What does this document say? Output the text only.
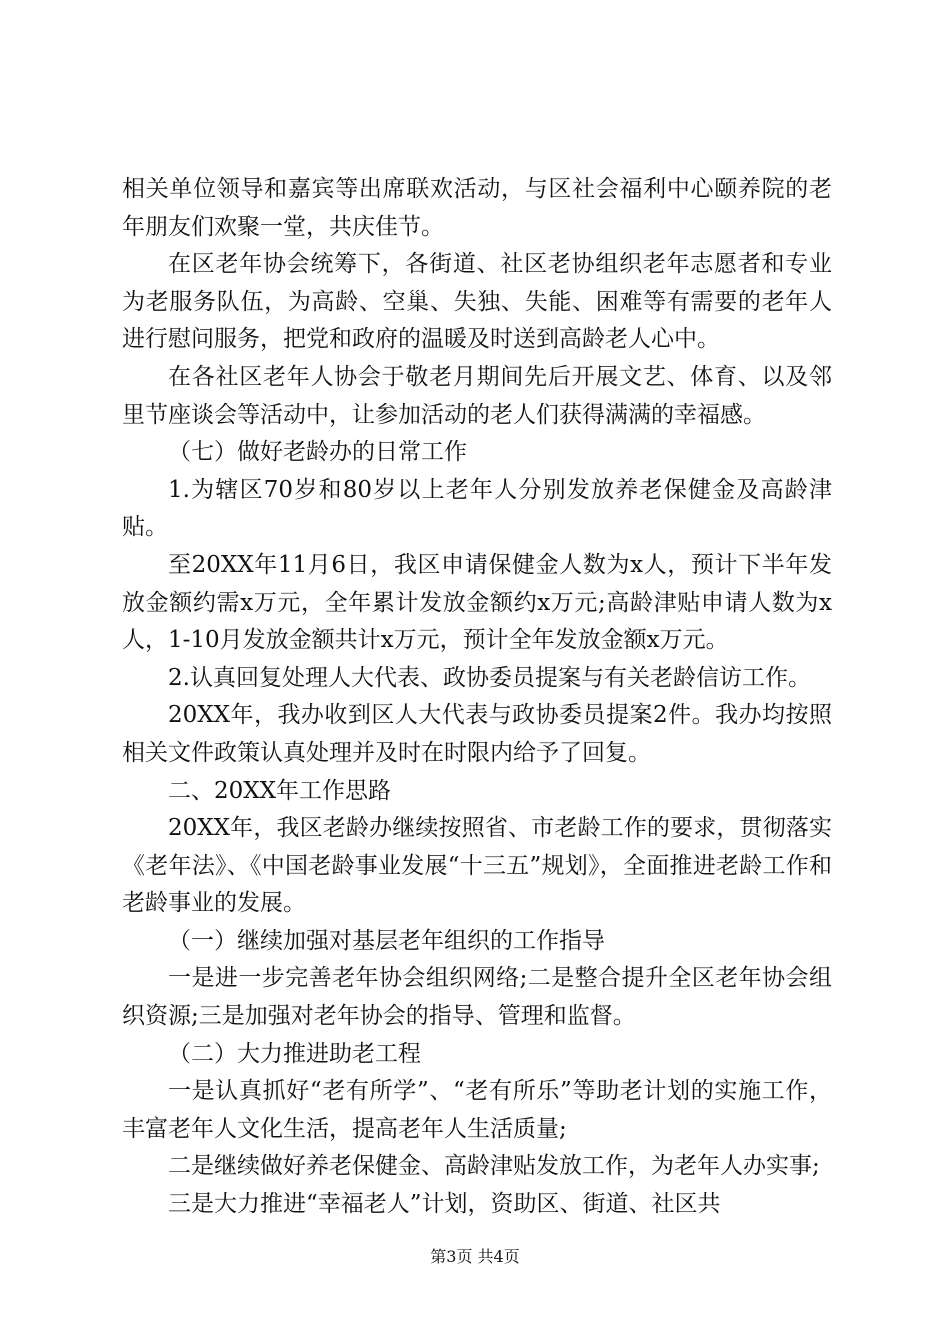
相关单位领导和嘉宾等出席联欢活动，与区社会福利中心颐养院的老年朋友们欢聚一堂，共庆佳节。

在区老年协会统筹下，各街道、社区老协组织老年志愿者和专业为老服务队伍，为高龄、空巢、失独、失能、困难等有需要的老年人进行慰问服务，把党和政府的温暖及时送到高龄老人心中。

在各社区老年人协会于敬老月期间先后开展文艺、体育、以及邻里节座谈会等活动中，让参加活动的老人们获得满满的幸福感。

（七）做好老龄办的日常工作

1.为辖区70岁和80岁以上老年人分别发放养老保健金及高龄津贴。

至20XX年11月6日，我区申请保健金人数为x人，预计下半年发放金额约需x万元，全年累计发放金额约x万元;高龄津贴申请人数为x人，1-10月发放金额共计x万元，预计全年发放金额x万元。

2.认真回复处理人大代表、政协委员提案与有关老龄信访工作。

20XX年，我办收到区人大代表与政协委员提案2件。我办均按照相关文件政策认真处理并及时在时限内给予了回复。

二、20XX年工作思路

20XX年，我区老龄办继续按照省、市老龄工作的要求，贯彻落实《老年法》、《中国老龄事业发展“十三五”规划》，全面推进老龄工作和老龄事业的发展。

（一）继续加强对基层老年组织的工作指导

一是进一步完善老年协会组织网络;二是整合提升全区老年协会组织资源;三是加强对老年协会的指导、管理和监督。

（二）大力推进助老工程

一是认真抓好“老有所学”、“老有所乐”等助老计划的实施工作，丰富老年人文化生活，提高老年人生活质量;

二是继续做好养老保健金、高龄津贴发放工作，为老年人办实事;

三是大力推进“幸福老人”计划，资助区、街道、社区共

第3页 共4页
